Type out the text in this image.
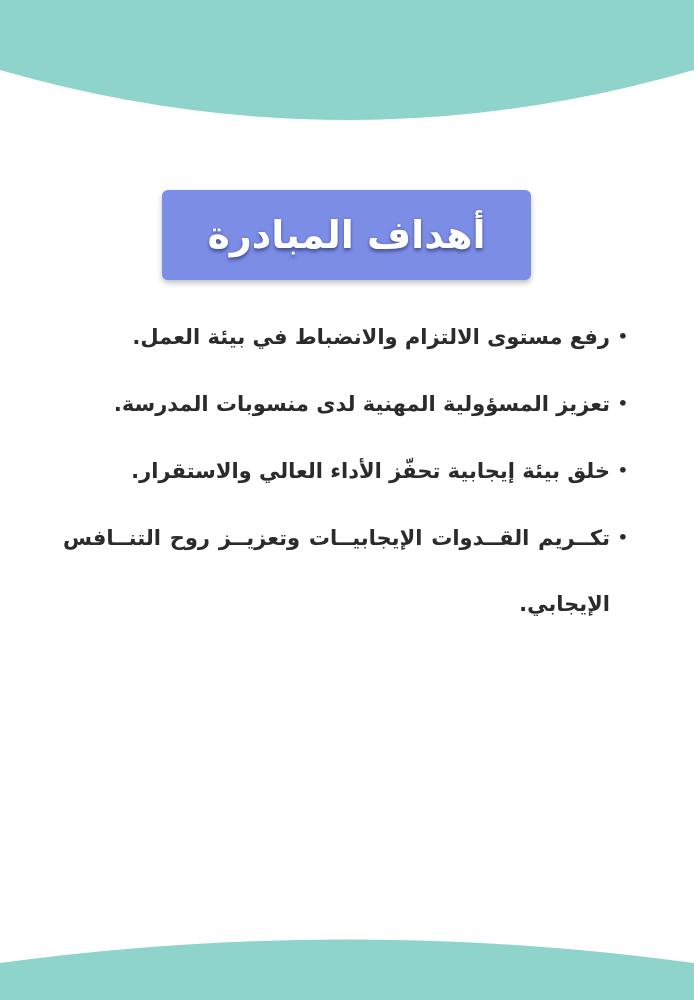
أهداف المبادرة
• رفع مستوى الالتزام والانضباط في بيئة العمل.
• تعزيز المسؤولية المهنية لدى منسوبات المدرسة.
• خلق بيئة إيجابية تحفّز الأداء العالي والاستقرار.
• تكــريم القــدوات الإيجابيــات وتعزيــز روح التنــافس الإيجابي.
